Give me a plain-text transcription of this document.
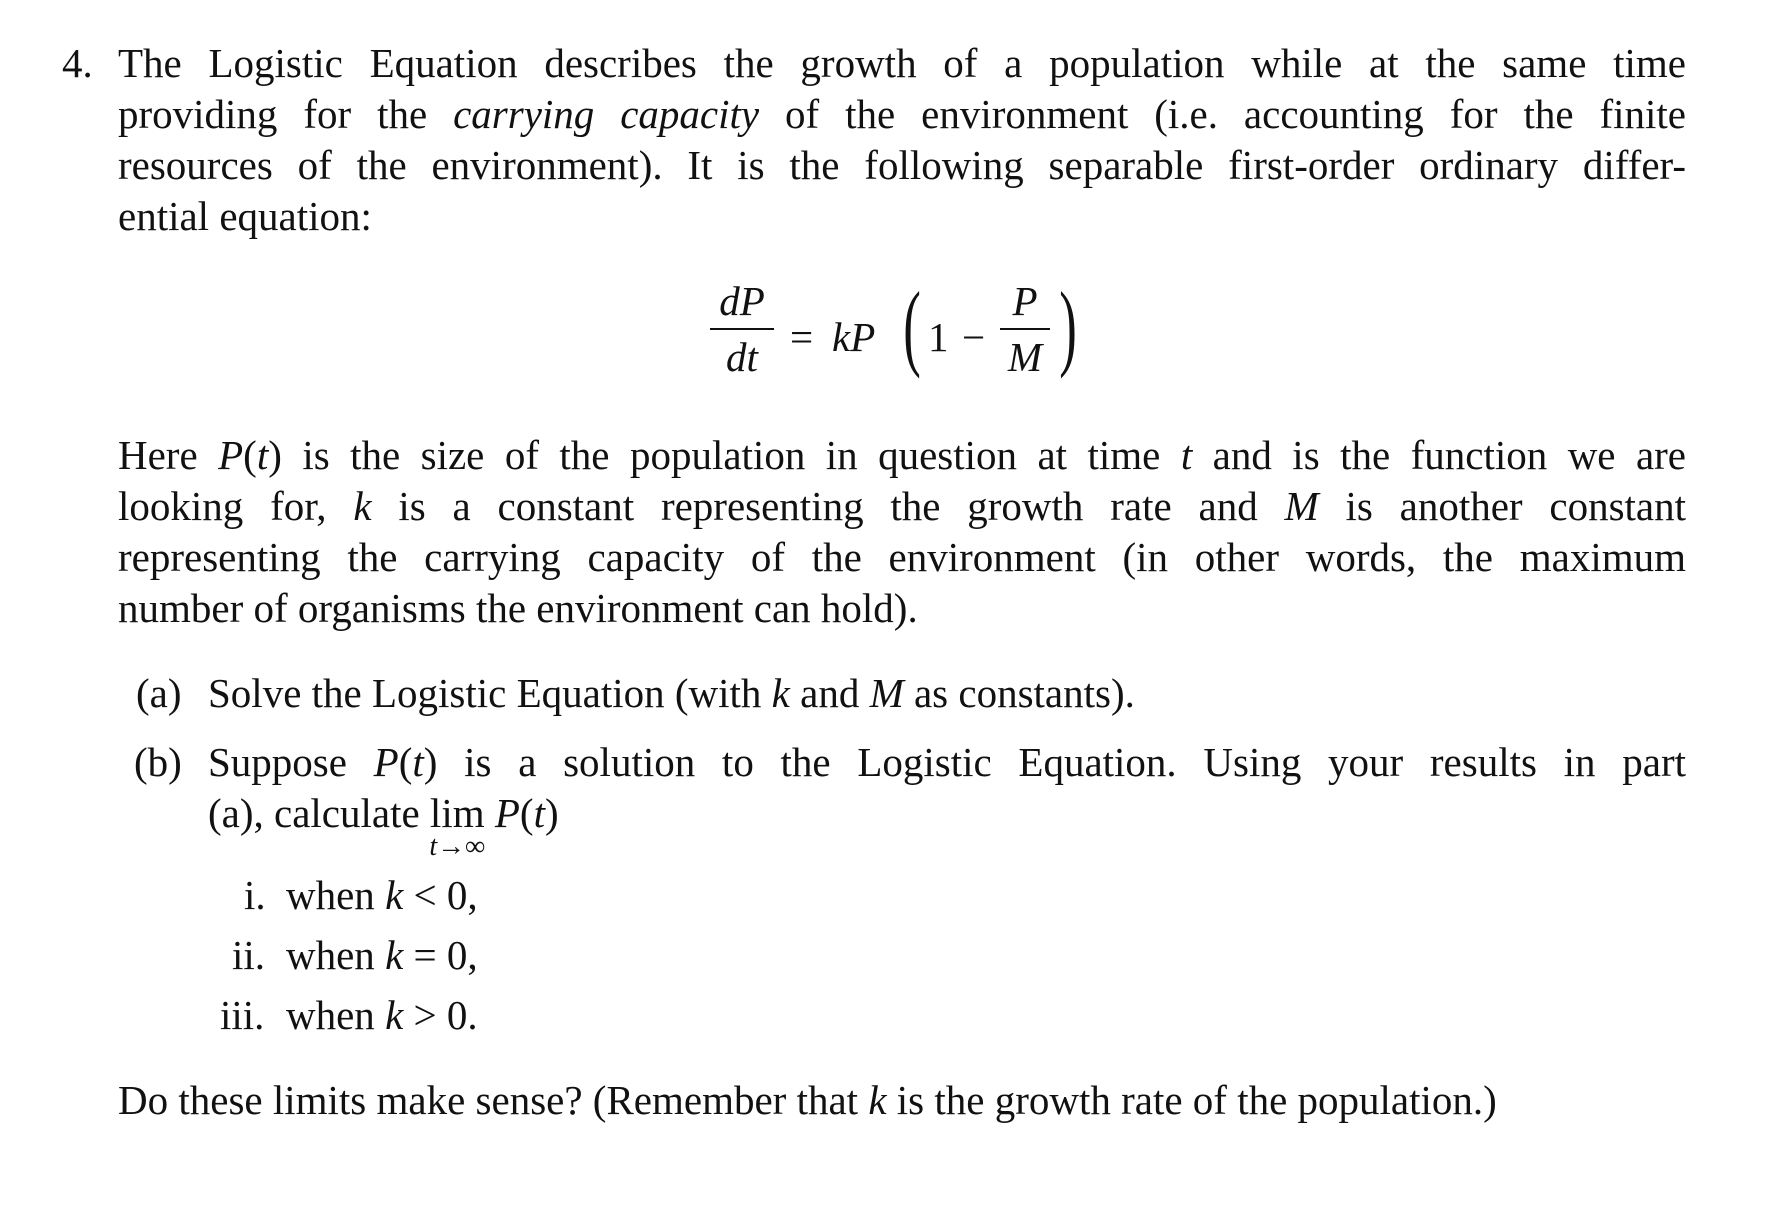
4. The Logistic Equation describes the growth of a population while at the same time
providing for the carrying capacity of the environment (i.e. accounting for the finite
resources of the environment). It is the following separable first-order ordinary differ-
ential equation:
dP
dt = kP ( 1 −
P
M )
Here P(t) is the size of the population in question at time t and is the function we are
looking for, k is a constant representing the growth rate and M is another constant
representing the carrying capacity of the environment (in other words, the maximum
number of organisms the environment can hold).
(a) Solve the Logistic Equation (with k and M as constants).
(b) Suppose P(t) is a solution to the Logistic Equation. Using your results in part
(a), calculate lim
t→∞
P(t)
i. when k < 0,
ii. when k = 0,
iii. when k > 0.
Do these limits make sense? (Remember that k is the growth rate of the population.)
